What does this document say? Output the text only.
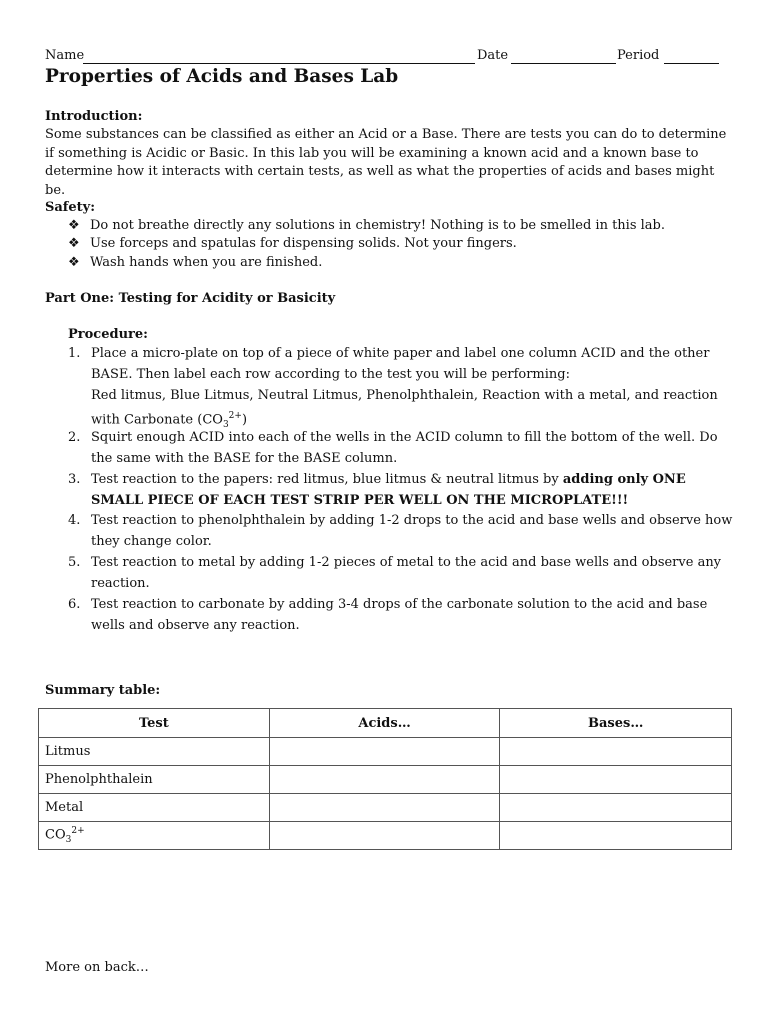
Name	Date	Period
Properties of Acids and Bases Lab
Introduction:
Some substances can be classified as either an Acid or a Base. There are tests you can do to determine if something is Acidic or Basic. In this lab you will be examining a known acid and a known base to determine how it interacts with certain tests, as well as what the properties of acids and bases might be.
Safety:
❖ Do not breathe directly any solutions in chemistry! Nothing is to be smelled in this lab.
❖ Use forceps and spatulas for dispensing solids. Not your fingers.
❖ Wash hands when you are finished.
Part One: Testing for Acidity or Basicity
Procedure:
1. Place a micro-plate on top of a piece of white paper and label one column ACID and the other BASE. Then label each row according to the test you will be performing:
Red litmus, Blue Litmus, Neutral Litmus, Phenolphthalein, Reaction with a metal, and reaction with Carbonate $(CO_3^{2+})$
2. Squirt enough ACID into each of the wells in the ACID column to fill the bottom of the well. Do the same with the BASE for the BASE column.
3. Test reaction to the papers: red litmus, blue litmus & neutral litmus by adding only ONE SMALL PIECE OF EACH TEST STRIP PER WELL ON THE MICROPLATE!!!
4. Test reaction to phenolphthalein by adding 1-2 drops to the acid and base wells and observe how they change color.
5. Test reaction to metal by adding 1-2 pieces of metal to the acid and base wells and observe any reaction.
6. Test reaction to carbonate by adding 3-4 drops of the carbonate solution to the acid and base wells and observe any reaction.
Summary table:
Test	Acids…	Bases…
Litmus		
Phenolphthalein		
Metal		
$CO_3^{2+}$		
More on back…
